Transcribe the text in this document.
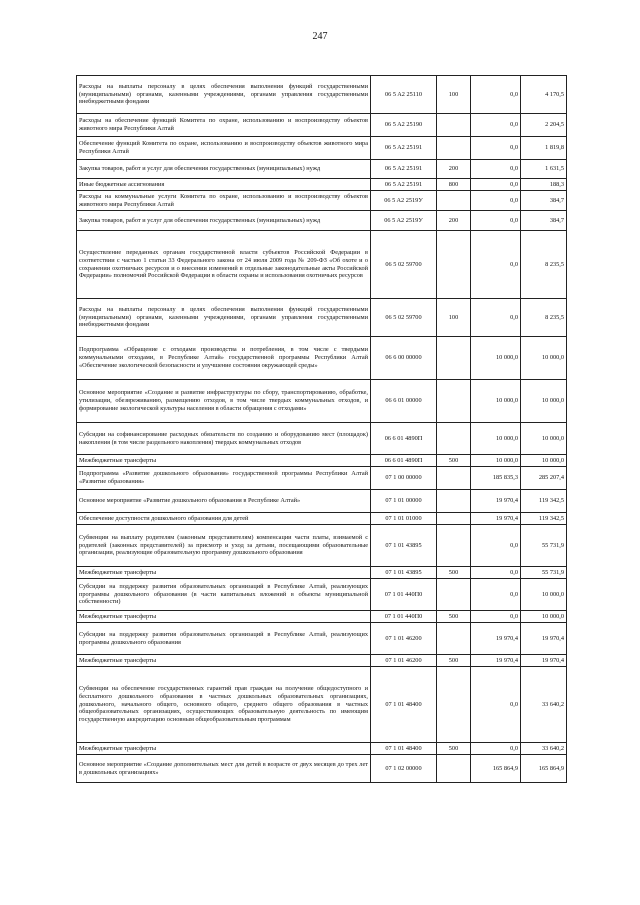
247
Расходы на выплаты персоналу в целях обеспечения выполнения функций государственными (муниципальными) органами, казенными учреждениями, органами управления государственными внебюджетными фондами	06 5 A2 25110	100	0,0	4 170,5
Расходы на обеспечение функций Комитета по охране, использованию и воспроизводству объектов животного мира Республики Алтай	06 5 A2 25190		0,0	2 204,5
Обеспечение функций Комитета по охране, использованию и воспроизводству объектов животного мира Республики Алтай	06 5 A2 25191		0,0	1 819,8
Закупка товаров, работ и услуг для обеспечения государственных (муниципальных) нужд	06 5 A2 25191	200	0,0	1 631,5
Иные бюджетные ассигнования	06 5 A2 25191	800	0,0	188,3
Расходы на коммунальные услуги Комитета по охране, использованию и воспроизводству объектов животного мира Республики Алтай	06 5 A2 2519У		0,0	384,7
Закупка товаров, работ и услуг для обеспечения государственных (муниципальных) нужд	06 5 A2 2519У	200	0,0	384,7
Осуществление переданных органам государственной власти субъектов Российской Федерации в соответствии с частью 1 статьи 33 Федерального закона от 24 июля 2009 года № 209-ФЗ «Об охоте и о сохранении охотничьих ресурсов и о внесении изменений в отдельные законодательные акты Российской Федерации» полномочий Российской Федерации в области охраны и использования охотничьих ресурсов	06 5 02 59700		0,0	8 235,5
Расходы на выплаты персоналу в целях обеспечения выполнения функций государственными (муниципальными) органами, казенными учреждениями, органами управления государственными внебюджетными фондами	06 5 02 59700	100	0,0	8 235,5
Подпрограмма «Обращение с отходами производства и потребления, в том числе с твердыми коммунальными отходами, в Республике Алтай» государственной программы Республики Алтай «Обеспечение экологической безопасности и улучшение состояния окружающей среды»	06 6 00 00000		10 000,0	10 000,0
Основное мероприятие «Создание и развитие инфраструктуры по сбору, транспортированию, обработке, утилизации, обезвреживанию, размещению отходов, в том числе твердых коммунальных отходов, и формирование экологической культуры населения в области обращения с отходами»	06 6 01 00000		10 000,0	10 000,0
Субсидии на софинансирование расходных обязательств по созданию и оборудованию мест (площадок) накопления (в том числе раздельного накопления) твердых коммунальных отходов	06 6 01 4890П		10 000,0	10 000,0
Межбюджетные трансферты	06 6 01 4890П	500	10 000,0	10 000,0
Подпрограмма «Развитие дошкольного образования» государственной программы Республики Алтай «Развитие образования»	07 1 00 00000		185 835,3	285 207,4
Основное мероприятие «Развитие дошкольного образования в Республике Алтай»	07 1 01 00000		19 970,4	119 342,5
Обеспечение доступности дошкольного образования для детей	07 1 01 01000		19 970,4	119 342,5
Субвенции на выплату родителям (законным представителям) компенсации части платы, взимаемой с родителей (законных представителей) за присмотр и уход за детьми, посещающими образовательные организации, реализующие образовательную программу дошкольного образования	07 1 01 43895		0,0	55 731,9
Межбюджетные трансферты	07 1 01 43895	500	0,0	55 731,9
Субсидии на поддержку развития образовательных организаций в Республике Алтай, реализующих программы дошкольного образования (в части капитальных вложений в объекты муниципальной собственности)	07 1 01 440П0		0,0	10 000,0
Межбюджетные трансферты	07 1 01 440П0	500	0,0	10 000,0
Субсидии на поддержку развития образовательных организаций в Республике Алтай, реализующих программы дошкольного образования	07 1 01 46200		19 970,4	19 970,4
Межбюджетные трансферты	07 1 01 46200	500	19 970,4	19 970,4
Субвенции на обеспечение государственных гарантий прав граждан на получение общедоступного и бесплатного дошкольного образования в частных дошкольных образовательных организациях, дошкольного, начального общего, основного общего, среднего общего образования в частных общеобразовательных организациях, осуществляющих образовательную деятельность по имеющим государственную аккредитацию основным общеобразовательным программам	07 1 01 48400		0,0	33 640,2
Межбюджетные трансферты	07 1 01 48400	500	0,0	33 640,2
Основное мероприятие «Создание дополнительных мест для детей в возрасте от двух месяцев до трех лет в дошкольных организациях»	07 1 02 00000		165 864,9	165 864,9
